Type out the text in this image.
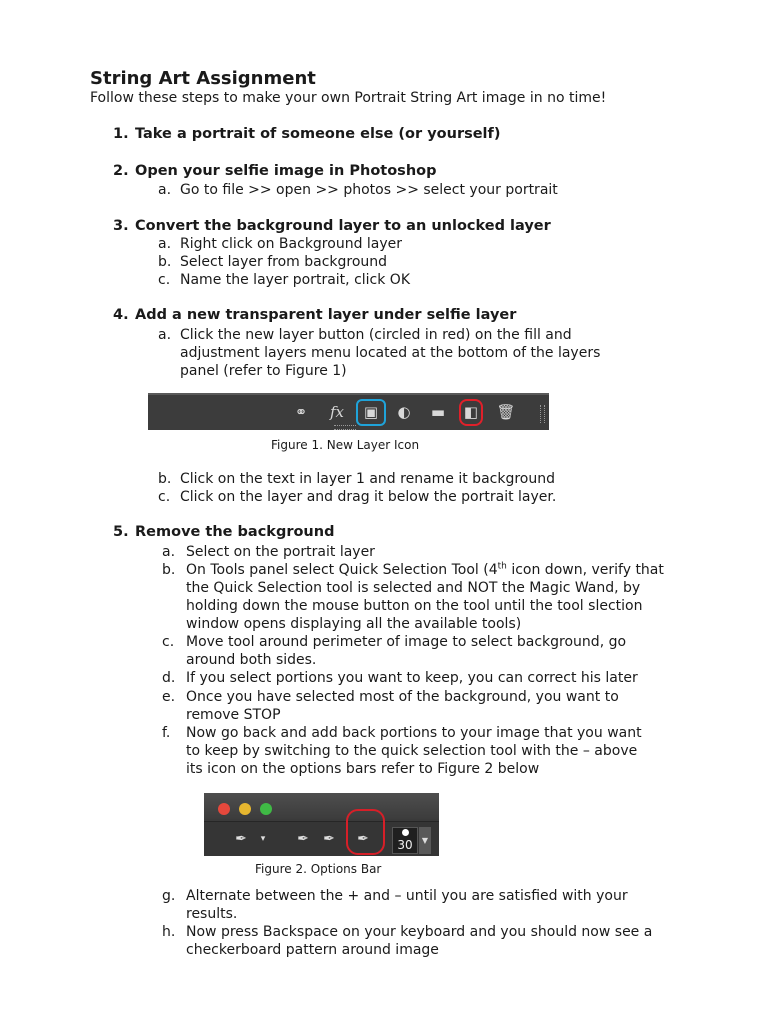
String Art Assignment
Follow these steps to make your own Portrait String Art image in no time!
1. Take a portrait of someone else (or yourself)
2. Open your selfie image in Photoshop
a. Go to file >> open >> photos >> select your portrait
3. Convert the background layer to an unlocked layer
a. Right click on Background layer
b. Select layer from background
c. Name the layer portrait, click OK
4. Add a new transparent layer under selfie layer
a. Click the new layer button (circled in red) on the fill and adjustment layers menu located at the bottom of the layers panel (refer to Figure 1)
⚭	fx ▣ ◐ ▬ ◧ 🗑
Figure 1. New Layer Icon
b. Click on the text in layer 1 and rename it background
c. Click on the layer and drag it below the portrait layer.
5. Remove the background
a. Select on the portrait layer
b. On Tools panel select Quick Selection Tool (4th icon down, verify that the Quick Selection tool is selected and NOT the Magic Wand, by holding down the mouse button on the tool until the tool slection window opens displaying all the available tools)
c. Move tool around perimeter of image to select background, go around both sides.
d. If you select portions you want to keep, you can correct his later
e. Once you have selected most of the background, you want to remove STOP
f. Now go back and add back portions to your image that you want to keep by switching to the quick selection tool with the – above its icon on the options bars refer to Figure 2 below
✒	▾	✒	✒	✒	30	▼
Figure 2. Options Bar
g. Alternate between the + and – until you are satisfied with your results.
h. Now press Backspace on your keyboard and you should now see a checkerboard pattern around image
